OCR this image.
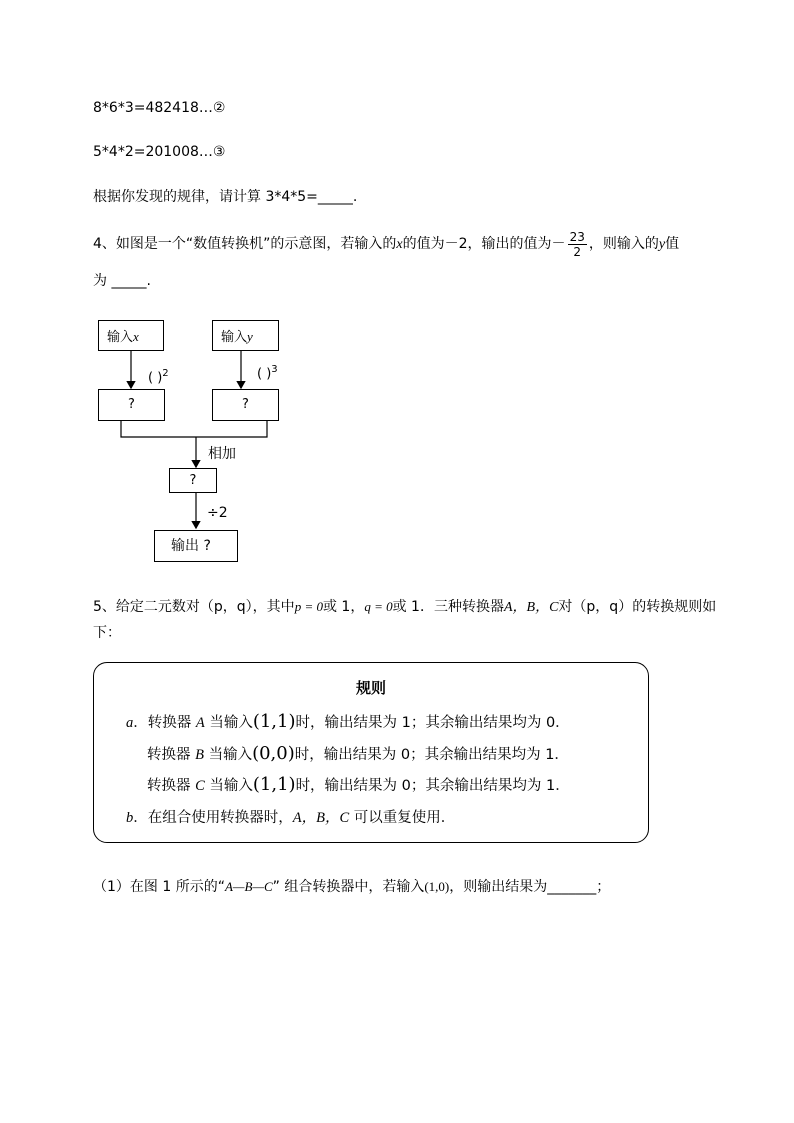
8*6*3=482418…②
5*4*2=201008…③
根据你发现的规律，请计算 3*4*5=_____.
4、如图是一个“数值转换机”的示意图，若输入的x的值为－2，输出的值为－ $\frac{23}{2}$ ，则输入的y值
为 _____.
输入x	输入y
( )$^2$	( )$^3$
?	?
相加
?
÷2
输出 ?
5、给定二元数对（p，q），其中p = 0或 1，q = 0或 1．三种转换器A，B，C对（p，q）的转换规则如
下：
规则
a．转换器 A 当输入(1,1)时，输出结果为 1；其余输出结果均为 0．
转换器 B 当输入(0,0)时，输出结果为 0；其余输出结果均为 1．
转换器 C 当输入(1,1)时，输出结果为 0；其余输出结果均为 1．
b．在组合使用转换器时，A，B，C 可以重复使用．
（1）在图 1 所示的“A—B—C” 组合转换器中，若输入(1,0)，则输出结果为_______；
